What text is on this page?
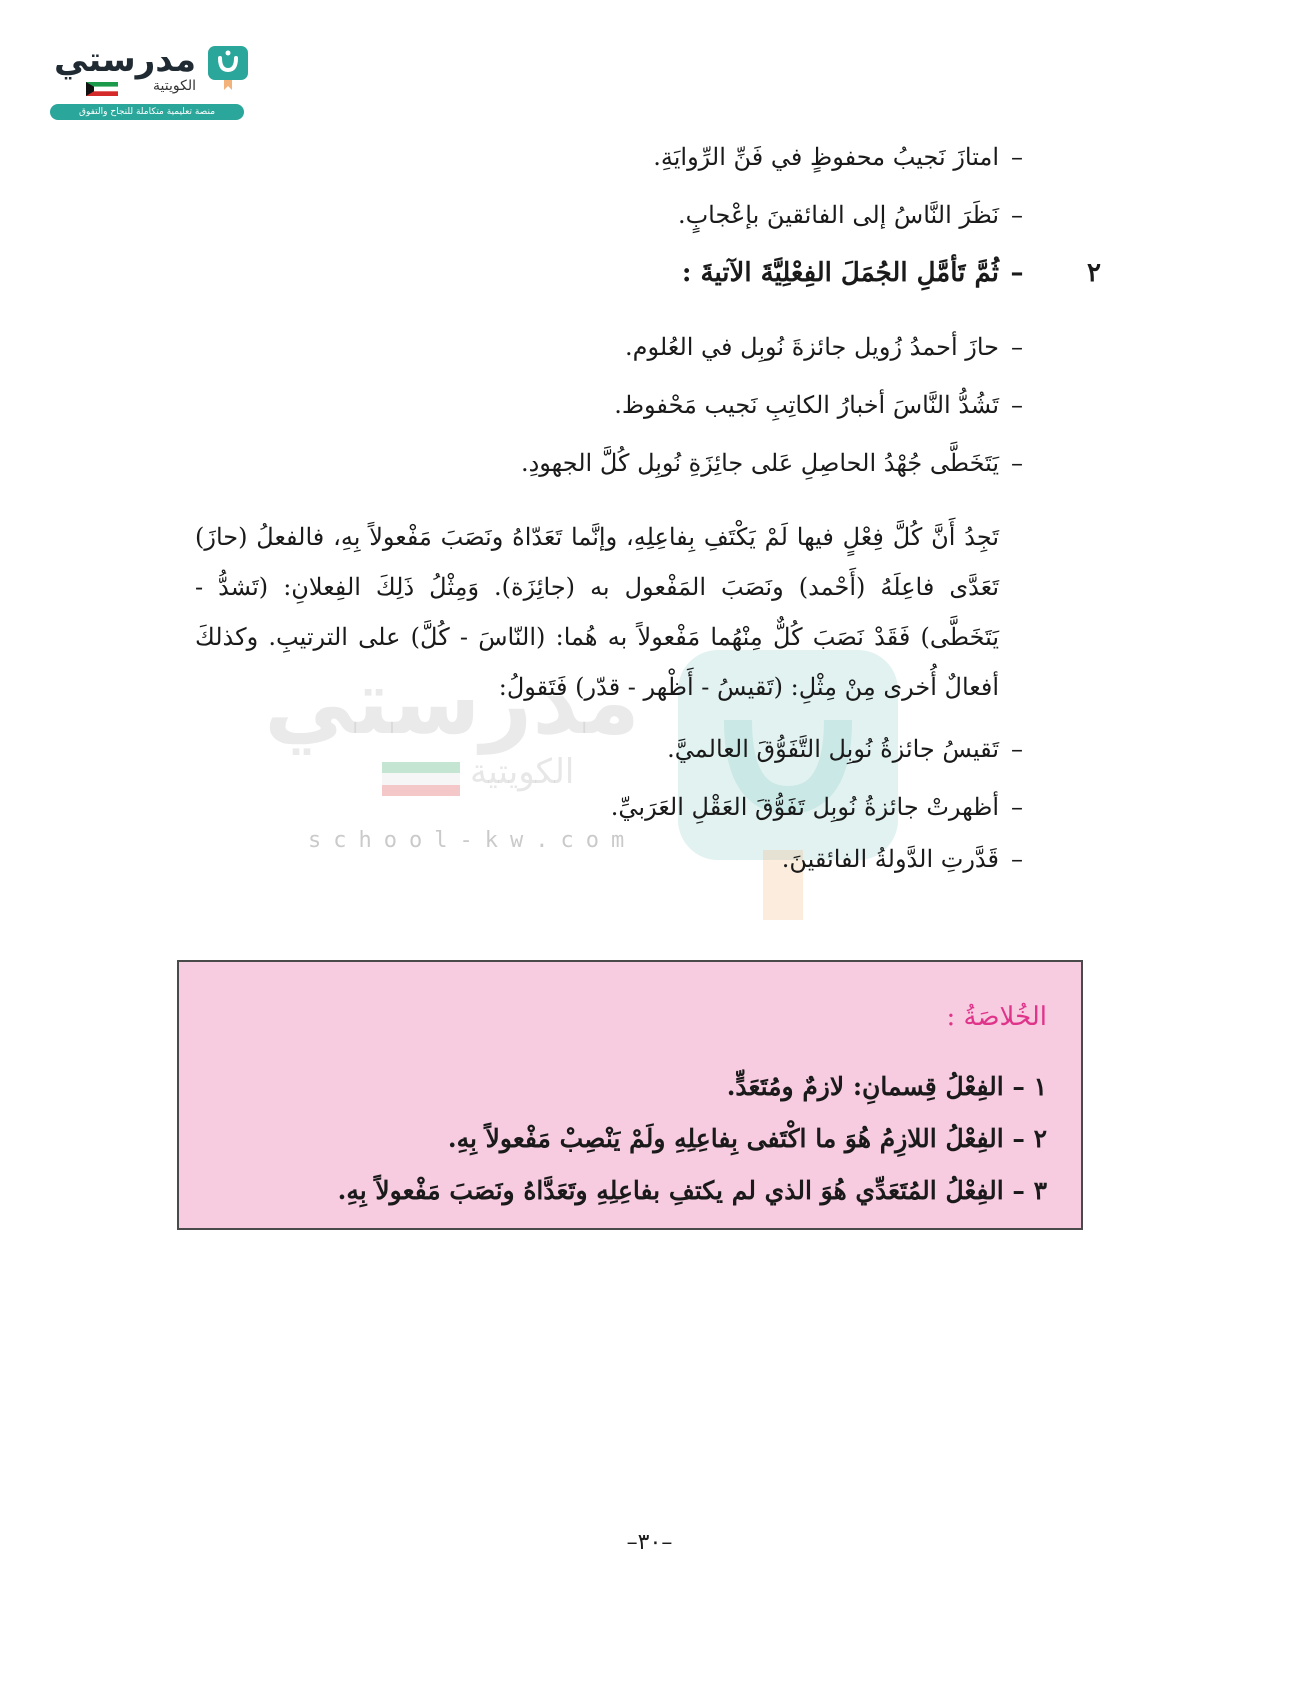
مدرستي
الكويتية
منصة تعليمية متكاملة للنجاح والتفوق
مدرستي
الكويتية
school-kw.com
–امتازَ نَجيبُ محفوظٍ في فَنِّ الرِّوايَةِ.
–نَظَرَ النَّاسُ إلى الفائقينَ بإعْجابٍ.
٢
–ثُمَّ تَأمَّلِ الجُمَلَ الفِعْلِيَّةَ الآتيةَ :
–حازَ أحمدُ زُويل جائزةَ نُوبِل في العُلوم.
–تَشُدُّ النَّاسَ أخبارُ الكاتِبِ نَجيب مَحْفوظ.
–يَتَخَطَّى جُهْدُ الحاصِلِ عَلى جائِزَةِ نُوبِل كُلَّ الجهودِ.
تَجِدُ أَنَّ كُلَّ فِعْلٍ فيها لَمْ يَكْتَفِ بِفاعِلِهِ، وإنَّما تَعَدّاهُ ونَصَبَ مَفْعولاً بِهِ، فالفعلُ (حازَ) تَعَدَّى فاعِلَهُ (أَحْمد) ونَصَبَ المَفْعول به (جائِزَة). وَمِثْلُ ذَلِكَ الفِعلانِ: (تَشدُّ - يَتَخَطَّى) فَقَدْ نَصَبَ كُلٌّ مِنْهُما مَفْعولاً به هُما: (النّاسَ - كُلَّ) على الترتيبِ. وكذلكَ أفعالٌ أُخرى مِنْ مِثْلِ: (تَقيسُ - أَظْهر - قدّر) فَتَقولُ:
–تَقيسُ جائزةُ نُوبِل التَّفَوُّقَ العالميَّ.
–أظهرتْ جائزةُ نُوبِل تَفَوُّقَ العَقْلِ العَرَبيِّ.
–قَدَّرتِ الدَّولةُ الفائقينَ.
الخُلاصَةُ :
١ – الفِعْلُ قِسمانِ: لازمٌ ومُتَعَدٍّ.
٢ – الفِعْلُ اللازِمُ هُوَ ما اكْتَفى بِفاعِلِهِ ولَمْ يَنْصِبْ مَفْعولاً بِهِ.
٣ – الفِعْلُ المُتَعَدِّي هُوَ الذي لم يكتفِ بفاعِلِهِ وتَعَدَّاهُ ونَصَبَ مَفْعولاً بِهِ.
–٣٠–
